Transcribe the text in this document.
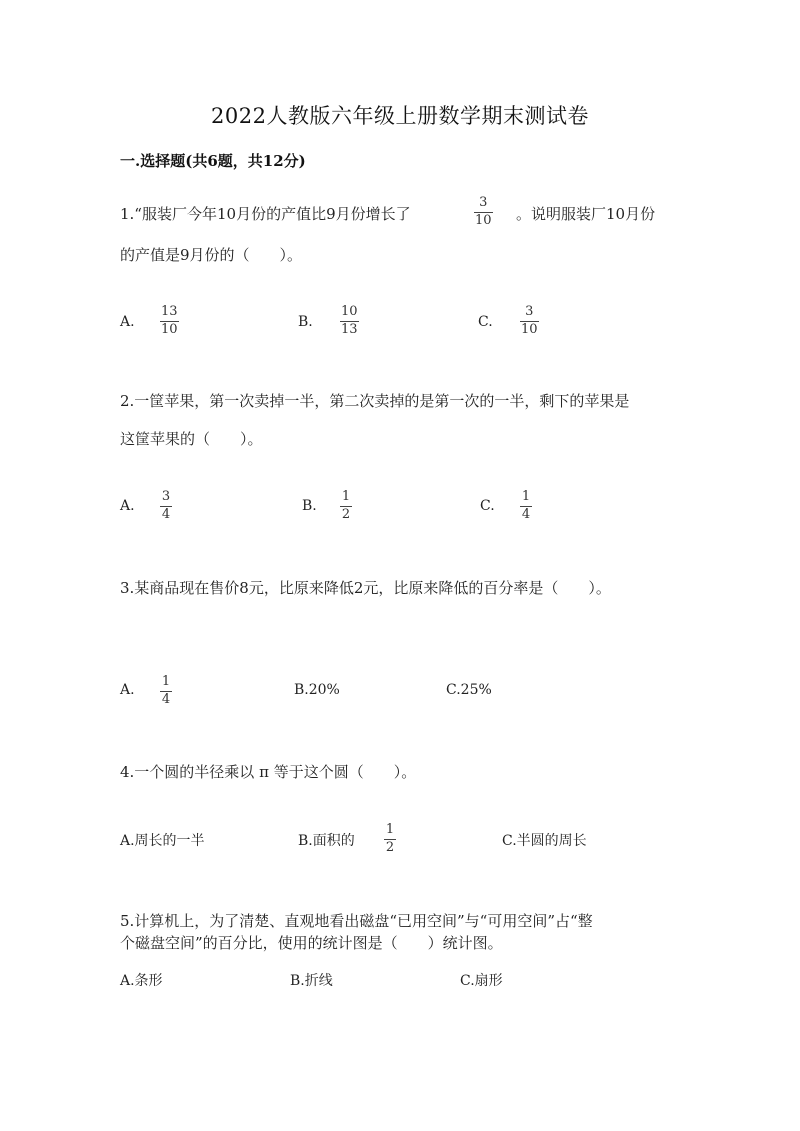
2022人教版六年级上册数学期末测试卷
一.选择题(共6题，共12分)
1.“服装厂今年10月份的产值比9月份增长了
3
10 。说明服装厂10月份
的产值是9月份的（　　）。
A.
13
10	B.
10
13	C.
3
10
2.一筐苹果，第一次卖掉一半，第二次卖掉的是第一次的一半，剩下的苹果是
这筐苹果的（　　）。
A.
3
4
B.
1
2
C.
1
4
3.某商品现在售价8元，比原来降低2元，比原来降低的百分率是（　　）。
A.
1
4
B.20%	C.25%
4.一个圆的半径乘以 π 等于这个圆（　　）。
A.周长的一半	B.面积的
1
2	C.半圆的周长
5.计算机上，为了清楚、直观地看出磁盘“已用空间”与“可用空间”占“整
个磁盘空间”的百分比，使用的统计图是（　　）统计图。
A.条形	B.折线	C.扇形
